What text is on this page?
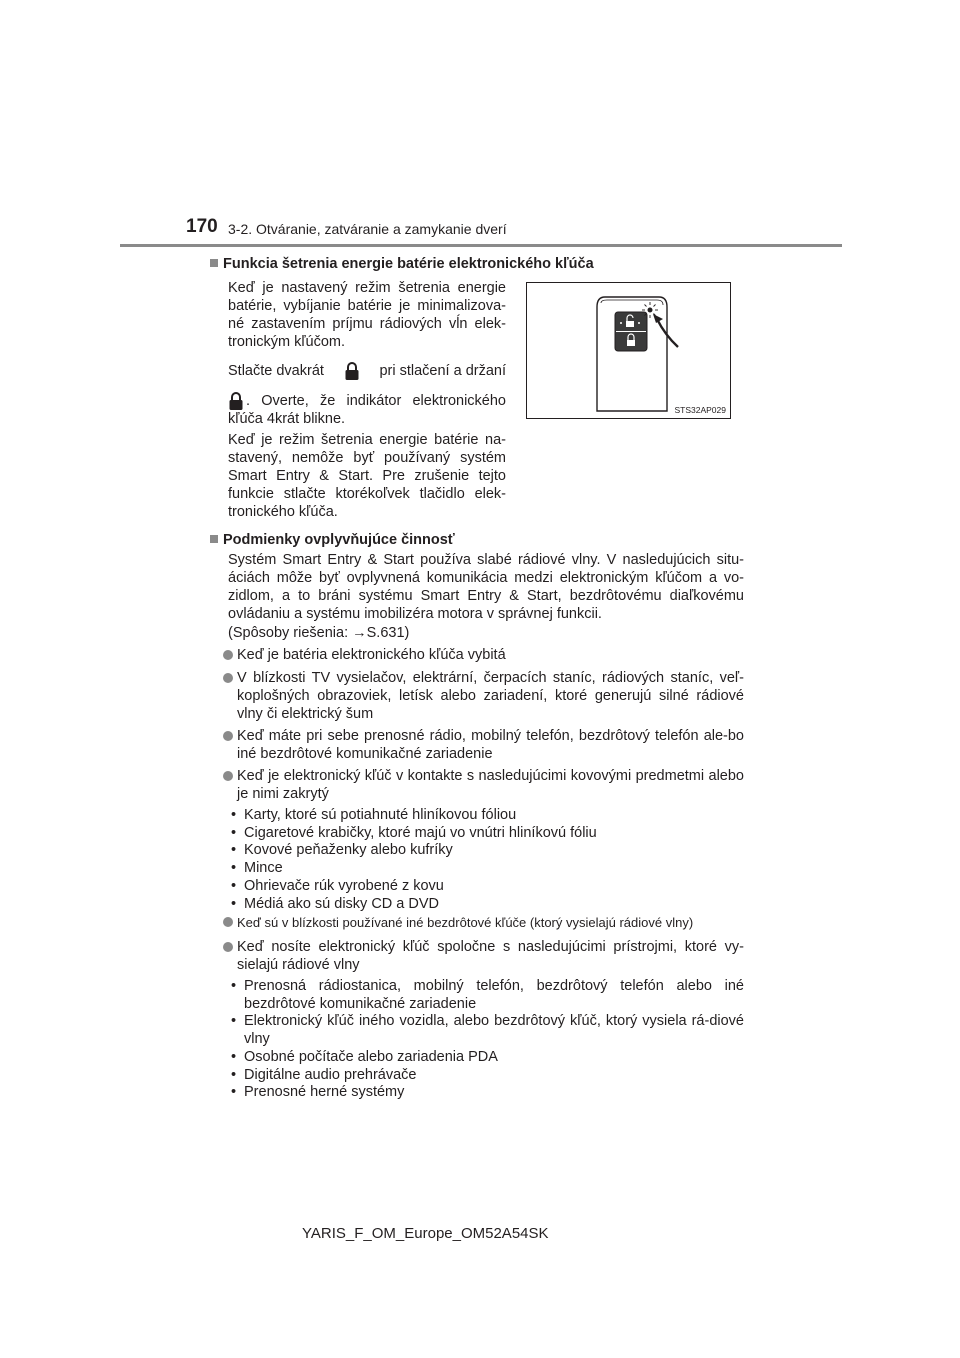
170 3-2. Otváranie, zatváranie a zamykanie dverí
Funkcia šetrenia energie batérie elektronického kľúča
Keď je nastavený režim šetrenia energie batérie, vybíjanie batérie je minimalizova-né zastavením príjmu rádiových vĺn elek-tronickým kľúčom.
Stlačte dvakrát	pri stlačení a držaní
. Overte, že indikátor elektronického
kľúča 4krát blikne.
Keď je režim šetrenia energie batérie na-stavený, nemôže byť používaný systém Smart Entry & Start. Pre zrušenie tejto funkcie stlačte ktorékoľvek tlačidlo elek-tronického kľúča.
STS32AP029
Podmienky ovplyvňujúce činnosť
Systém Smart Entry & Start používa slabé rádiové vlny. V nasledujúcich situ-áciách môže byť ovplyvnená komunikácia medzi elektronickým kľúčom a vo-zidlom, a to bráni systému Smart Entry & Start, bezdrôtovému diaľkovému ovládaniu a systému imobilizéra motora v správnej funkcii.
(Spôsoby riešenia: →S.631)
Keď je batéria elektronického kľúča vybitá
V blízkosti TV vysielačov, elektrární, čerpacích staníc, rádiových staníc, veľ-koplošných obrazoviek, letísk alebo zariadení, ktoré generujú silné rádiové vlny či elektrický šum
Keď máte pri sebe prenosné rádio, mobilný telefón, bezdrôtový telefón ale-bo iné bezdrôtové komunikačné zariadenie
Keď je elektronický kľúč v kontakte s nasledujúcimi kovovými predmetmi alebo je nimi zakrytý
• Karty, ktoré sú potiahnuté hliníkovou fóliou
• Cigaretové krabičky, ktoré majú vo vnútri hliníkovú fóliu
• Kovové peňaženky alebo kufríky
• Mince
• Ohrievače rúk vyrobené z kovu
• Médiá ako sú disky CD a DVD
Keď sú v blízkosti používané iné bezdrôtové kľúče (ktorý vysielajú rádiové vlny)
Keď nosíte elektronický kľúč spoločne s nasledujúcimi prístrojmi, ktoré vy-sielajú rádiové vlny
• Prenosná rádiostanica, mobilný telefón, bezdrôtový telefón alebo iné bezdrôtové komunikačné zariadenie
• Elektronický kľúč iného vozidla, alebo bezdrôtový kľúč, ktorý vysiela rá-diové vlny
• Osobné počítače alebo zariadenia PDA
• Digitálne audio prehrávače
• Prenosné herné systémy
YARIS_F_OM_Europe_OM52A54SK
